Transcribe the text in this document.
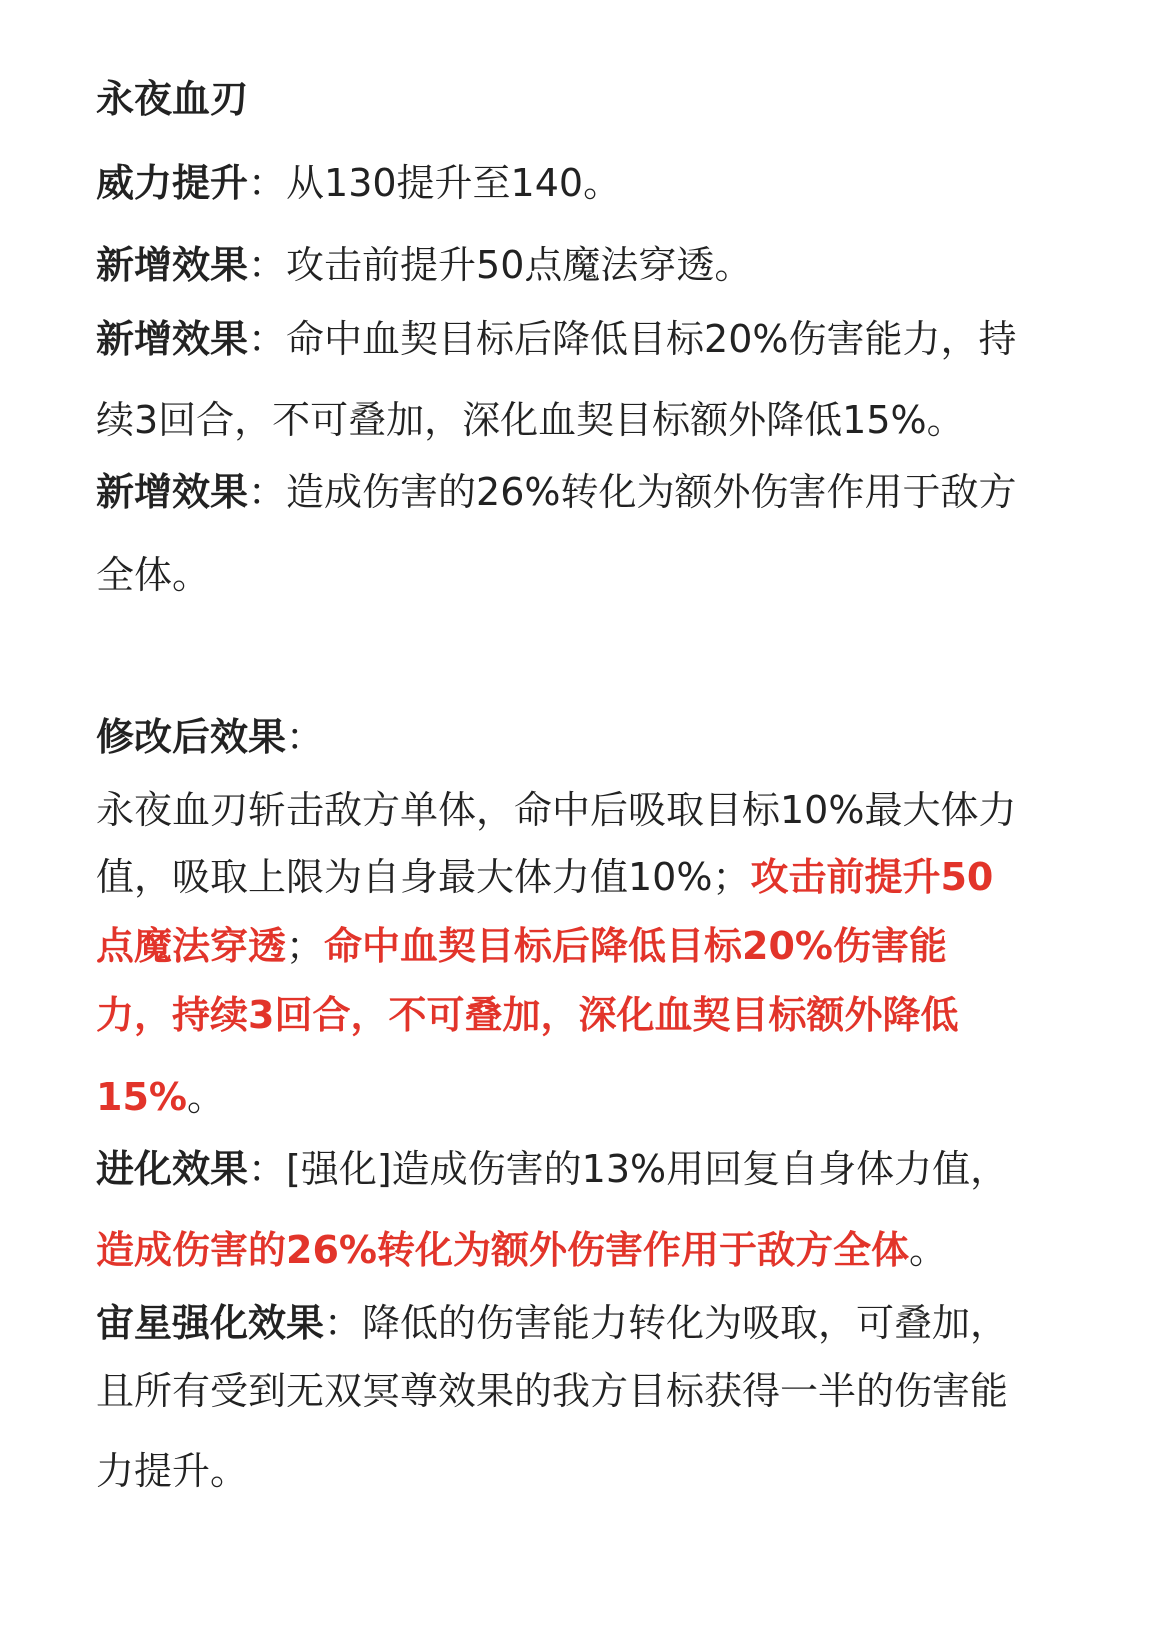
永夜血刃

威力提升：从130提升至140。

新增效果：攻击前提升50点魔法穿透。

新增效果：命中血契目标后降低目标20%伤害能力，持

续3回合，不可叠加，深化血契目标额外降低15%。

新增效果：造成伤害的26%转化为额外伤害作用于敌方

全体。

修改后效果：

永夜血刃斩击敌方单体，命中后吸取目标10%最大体力

值，吸取上限为自身最大体力值10%；攻击前提升50

点魔法穿透；命中血契目标后降低目标20%伤害能

力，持续3回合，不可叠加，深化血契目标额外降低

15%。

进化效果：[强化]造成伤害的13%用回复自身体力值，

造成伤害的26%转化为额外伤害作用于敌方全体。

宙星强化效果：降低的伤害能力转化为吸取，可叠加，

且所有受到无双冥尊效果的我方目标获得一半的伤害能

力提升。
